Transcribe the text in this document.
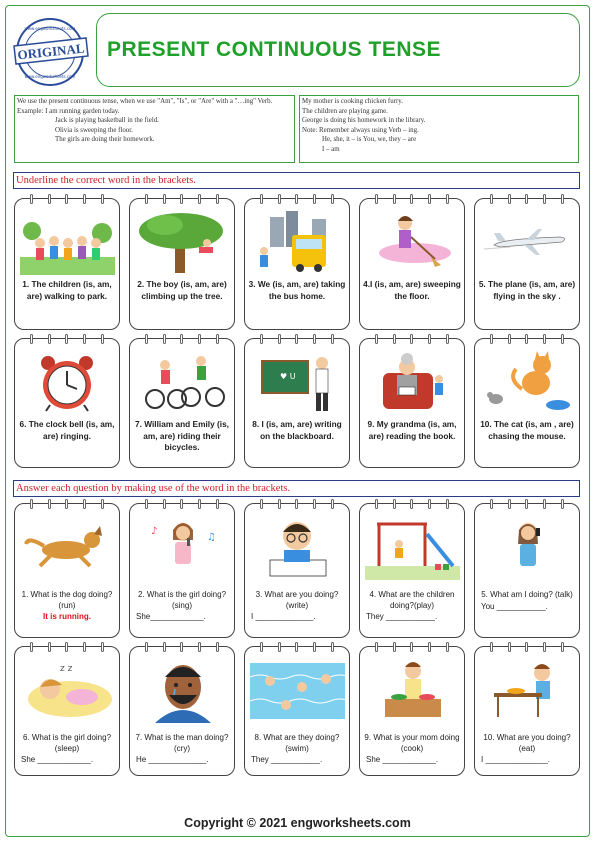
ORIGINAL
www.engworksheets.com
www.engworksheets.com
PRESENT CONTINUOUS TENSE
We use the present continuous tense, when we use "Am", "Is", or "Are" with a "…ing" Verb.
Example: I am running garden today.
Jack is playing basketball in the field.
Olivia is sweeping the floor.
The girls are doing their homework.
My mother is cooking chicken furry.
The children are playing game.
George is doing his homework in the library.
Note: Remember always using Verb – ing.
He, she, it – is You, we, they – are
I – am
Underline the correct word in the brackets.
1. The children (is, am, are) walking to park.
2. The boy (is, am, are) climbing up the tree.
3. We (is, am, are) taking the bus home.
4.I (is, am, are) sweeping the floor.
5. The plane (is, am, are) flying in the sky .
6. The clock bell (is, am, are) ringing.
7. William and Emily (is, am, are) riding their bicycles.
♥ U
8. I (is, am, are) writing on the blackboard.
9. My grandma (is, am, are) reading the book.
10. The cat (is, am , are) chasing the mouse.
Answer each question by making use of the word in the brackets.
1. What is the dog doing? (run)
It is running.
♪
♫
2. What is the girl doing? (sing)
She____________.
3. What are you doing? (write)
I _____________.
4. What are the children doing?(play)
They ___________.
5. What am I doing? (talk)
You ___________.
z z
6. What is the girl doing? (sleep)
She ____________.
7. What is the man doing? (cry)
He _____________.
8. What are they doing? (swim)
They ___________.
9. What is your mom doing (cook)
She ____________.
10. What are you doing? (eat)
I ______________.
Copyright © 2021 engworksheets.com
